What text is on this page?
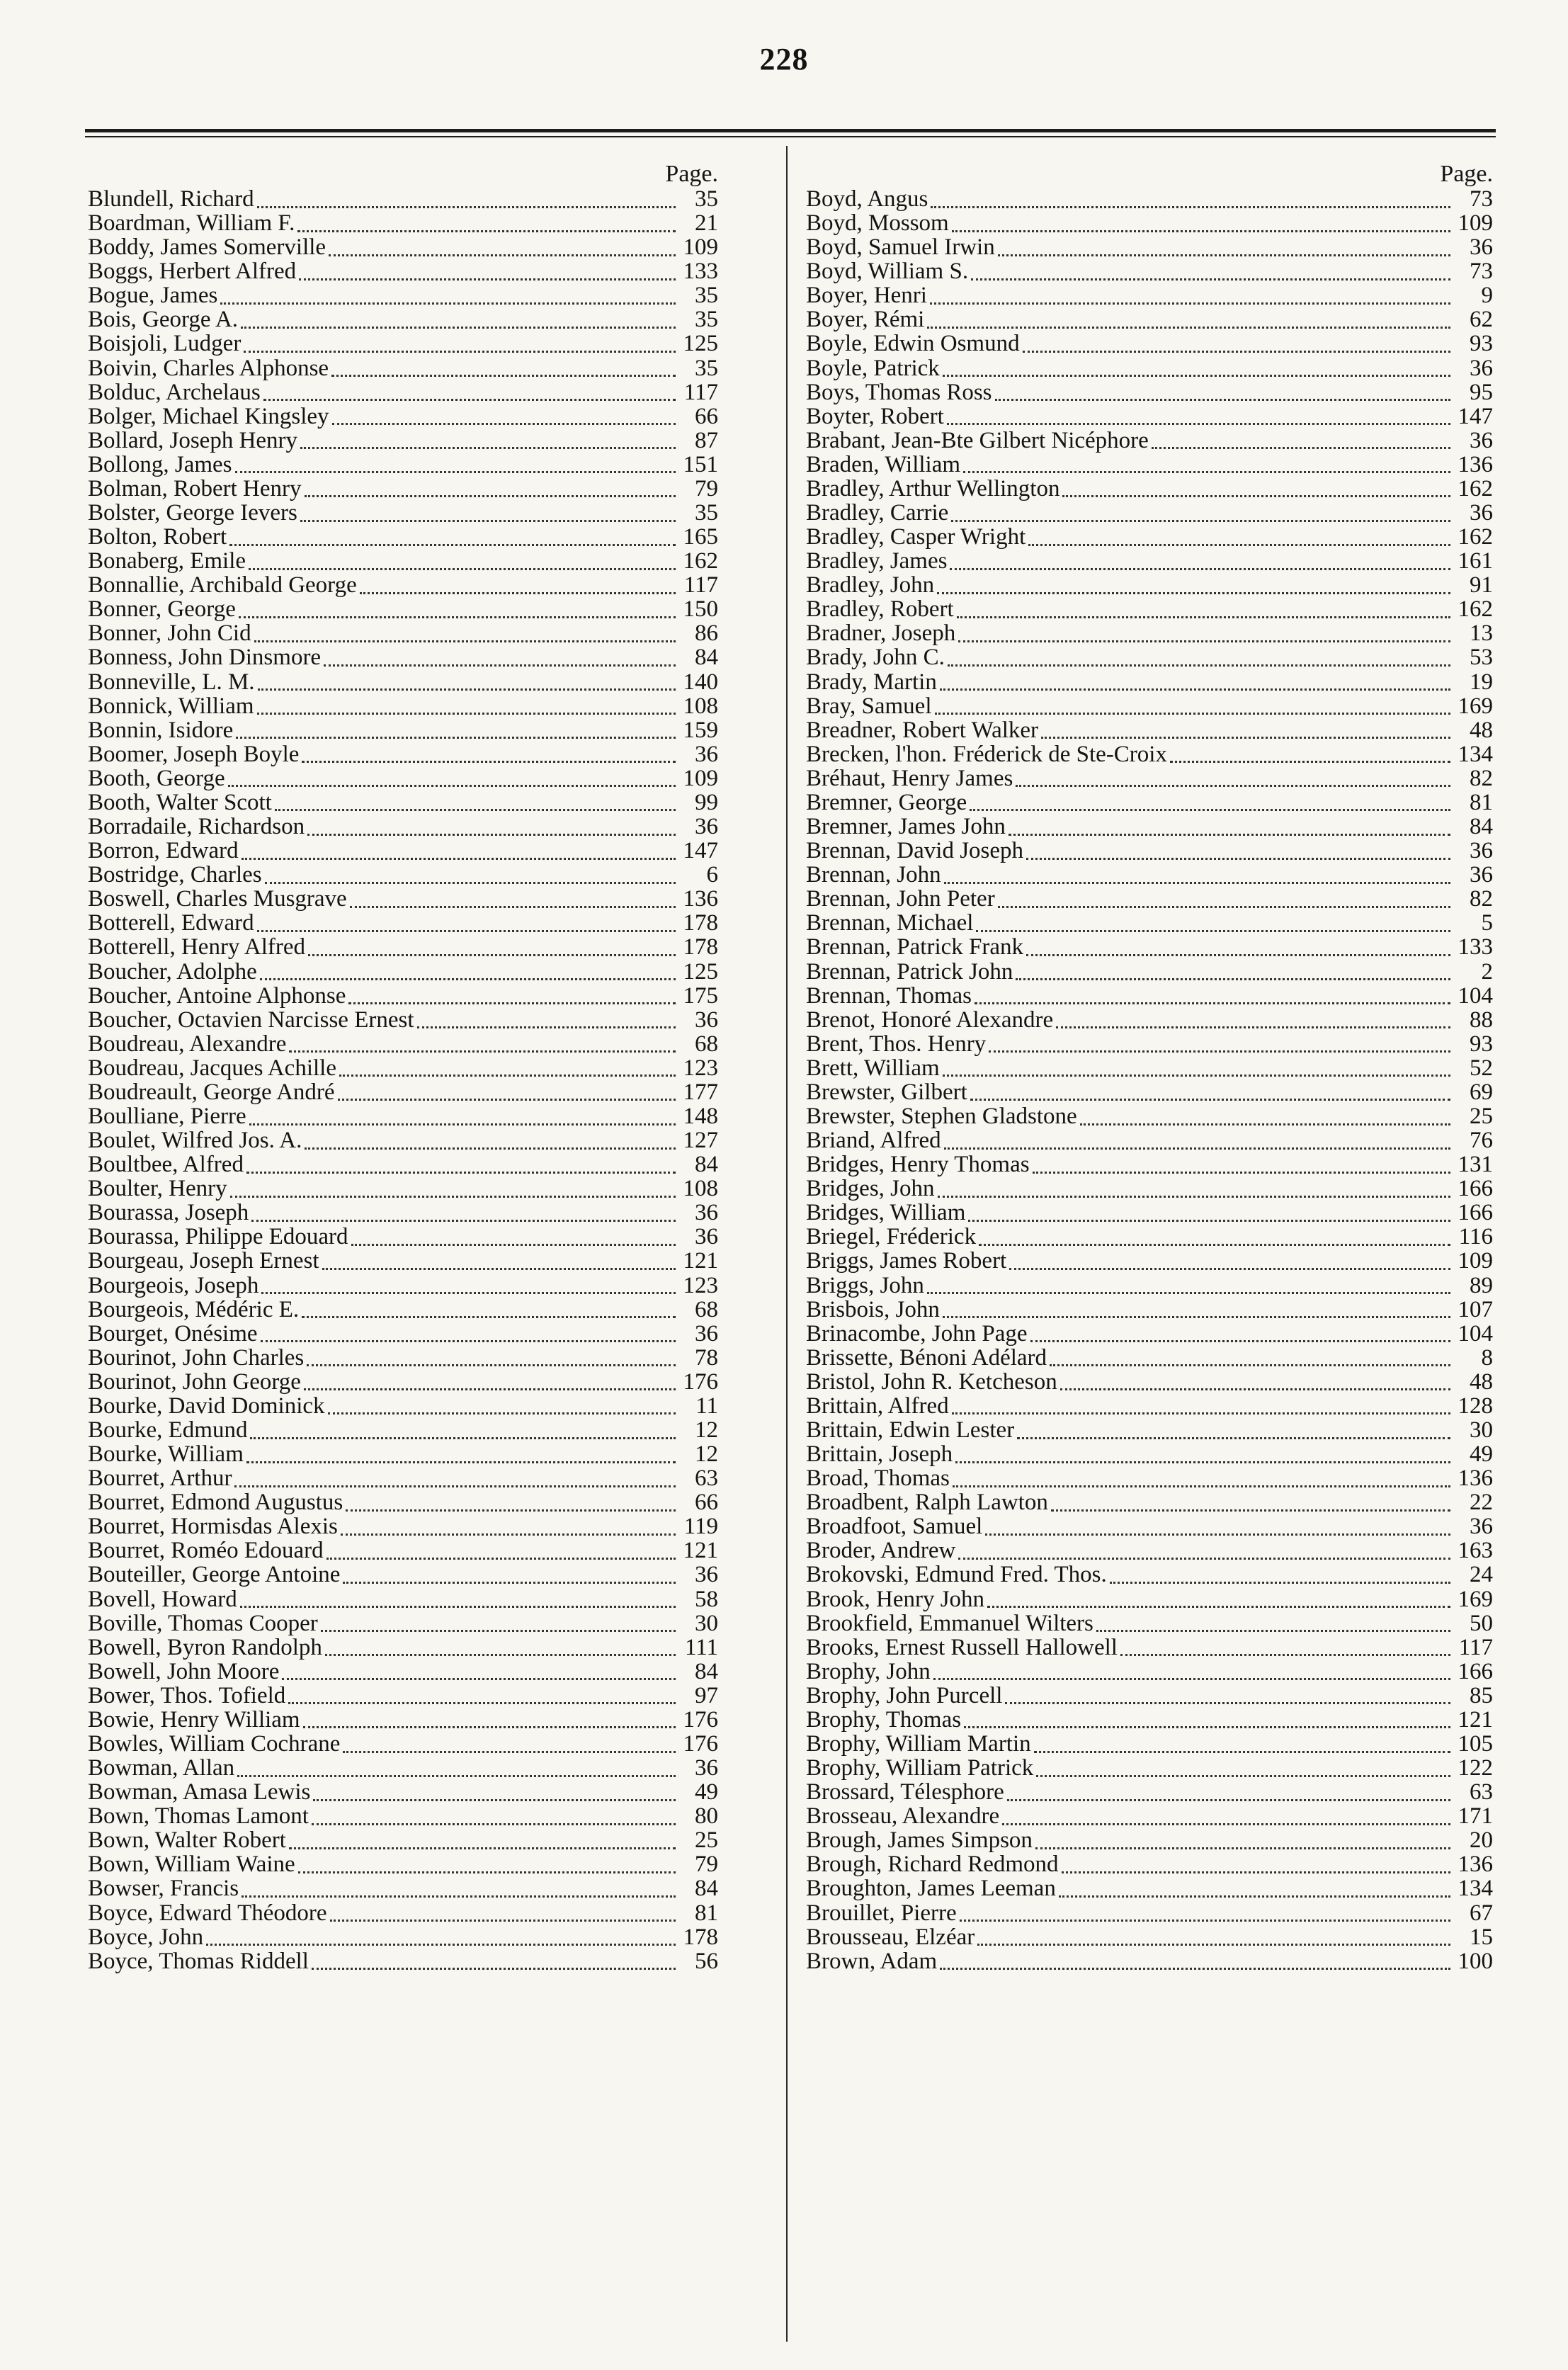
228
Page.
Blundell, Richard	35
Boardman, William F.	21
Boddy, James Somerville	109
Boggs, Herbert Alfred	133
Bogue, James	35
Bois, George A.	35
Boisjoli, Ludger	125
Boivin, Charles Alphonse	35
Bolduc, Archelaus	117
Bolger, Michael Kingsley	66
Bollard, Joseph Henry	87
Bollong, James	151
Bolman, Robert Henry	79
Bolster, George Ievers	35
Bolton, Robert	165
Bonaberg, Emile	162
Bonnallie, Archibald George	117
Bonner, George	150
Bonner, John Cid	86
Bonness, John Dinsmore	84
Bonneville, L. M.	140
Bonnick, William	108
Bonnin, Isidore	159
Boomer, Joseph Boyle	36
Booth, George	109
Booth, Walter Scott	99
Borradaile, Richardson	36
Borron, Edward	147
Bostridge, Charles	6
Boswell, Charles Musgrave	136
Botterell, Edward	178
Botterell, Henry Alfred	178
Boucher, Adolphe	125
Boucher, Antoine Alphonse	175
Boucher, Octavien Narcisse Ernest	36
Boudreau, Alexandre	68
Boudreau, Jacques Achille	123
Boudreault, George André	177
Boulliane, Pierre	148
Boulet, Wilfred Jos. A.	127
Boultbee, Alfred	84
Boulter, Henry	108
Bourassa, Joseph	36
Bourassa, Philippe Edouard	36
Bourgeau, Joseph Ernest	121
Bourgeois, Joseph	123
Bourgeois, Médéric E.	68
Bourget, Onésime	36
Bourinot, John Charles	78
Bourinot, John George	176
Bourke, David Dominick	11
Bourke, Edmund	12
Bourke, William	12
Bourret, Arthur	63
Bourret, Edmond Augustus	66
Bourret, Hormisdas Alexis	119
Bourret, Roméo Edouard	121
Bouteiller, George Antoine	36
Bovell, Howard	58
Boville, Thomas Cooper	30
Bowell, Byron Randolph	111
Bowell, John Moore	84
Bower, Thos. Tofield	97
Bowie, Henry William	176
Bowles, William Cochrane	176
Bowman, Allan	36
Bowman, Amasa Lewis	49
Bown, Thomas Lamont	80
Bown, Walter Robert	25
Bown, William Waine	79
Bowser, Francis	84
Boyce, Edward Théodore	81
Boyce, John	178
Boyce, Thomas Riddell	56
Page.
Boyd, Angus	73
Boyd, Mossom	109
Boyd, Samuel Irwin	36
Boyd, William S.	73
Boyer, Henri	9
Boyer, Rémi	62
Boyle, Edwin Osmund	93
Boyle, Patrick	36
Boys, Thomas Ross	95
Boyter, Robert	147
Brabant, Jean-Bte Gilbert Nicéphore	36
Braden, William	136
Bradley, Arthur Wellington	162
Bradley, Carrie	36
Bradley, Casper Wright	162
Bradley, James	161
Bradley, John	91
Bradley, Robert	162
Bradner, Joseph	13
Brady, John C.	53
Brady, Martin	19
Bray, Samuel	169
Breadner, Robert Walker	48
Brecken, l'hon. Fréderick de Ste-Croix	134
Bréhaut, Henry James	82
Bremner, George	81
Bremner, James John	84
Brennan, David Joseph	36
Brennan, John	36
Brennan, John Peter	82
Brennan, Michael	5
Brennan, Patrick Frank	133
Brennan, Patrick John	2
Brennan, Thomas	104
Brenot, Honoré Alexandre	88
Brent, Thos. Henry	93
Brett, William	52
Brewster, Gilbert	69
Brewster, Stephen Gladstone	25
Briand, Alfred	76
Bridges, Henry Thomas	131
Bridges, John	166
Bridges, William	166
Briegel, Fréderick	116
Briggs, James Robert	109
Briggs, John	89
Brisbois, John	107
Brinacombe, John Page	104
Brissette, Bénoni Adélard	8
Bristol, John R. Ketcheson	48
Brittain, Alfred	128
Brittain, Edwin Lester	30
Brittain, Joseph	49
Broad, Thomas	136
Broadbent, Ralph Lawton	22
Broadfoot, Samuel	36
Broder, Andrew	163
Brokovski, Edmund Fred. Thos.	24
Brook, Henry John	169
Brookfield, Emmanuel Wilters	50
Brooks, Ernest Russell Hallowell	117
Brophy, John	166
Brophy, John Purcell	85
Brophy, Thomas	121
Brophy, William Martin	105
Brophy, William Patrick	122
Brossard, Télesphore	63
Brosseau, Alexandre	171
Brough, James Simpson	20
Brough, Richard Redmond	136
Broughton, James Leeman	134
Brouillet, Pierre	67
Brousseau, Elzéar	15
Brown, Adam	100
